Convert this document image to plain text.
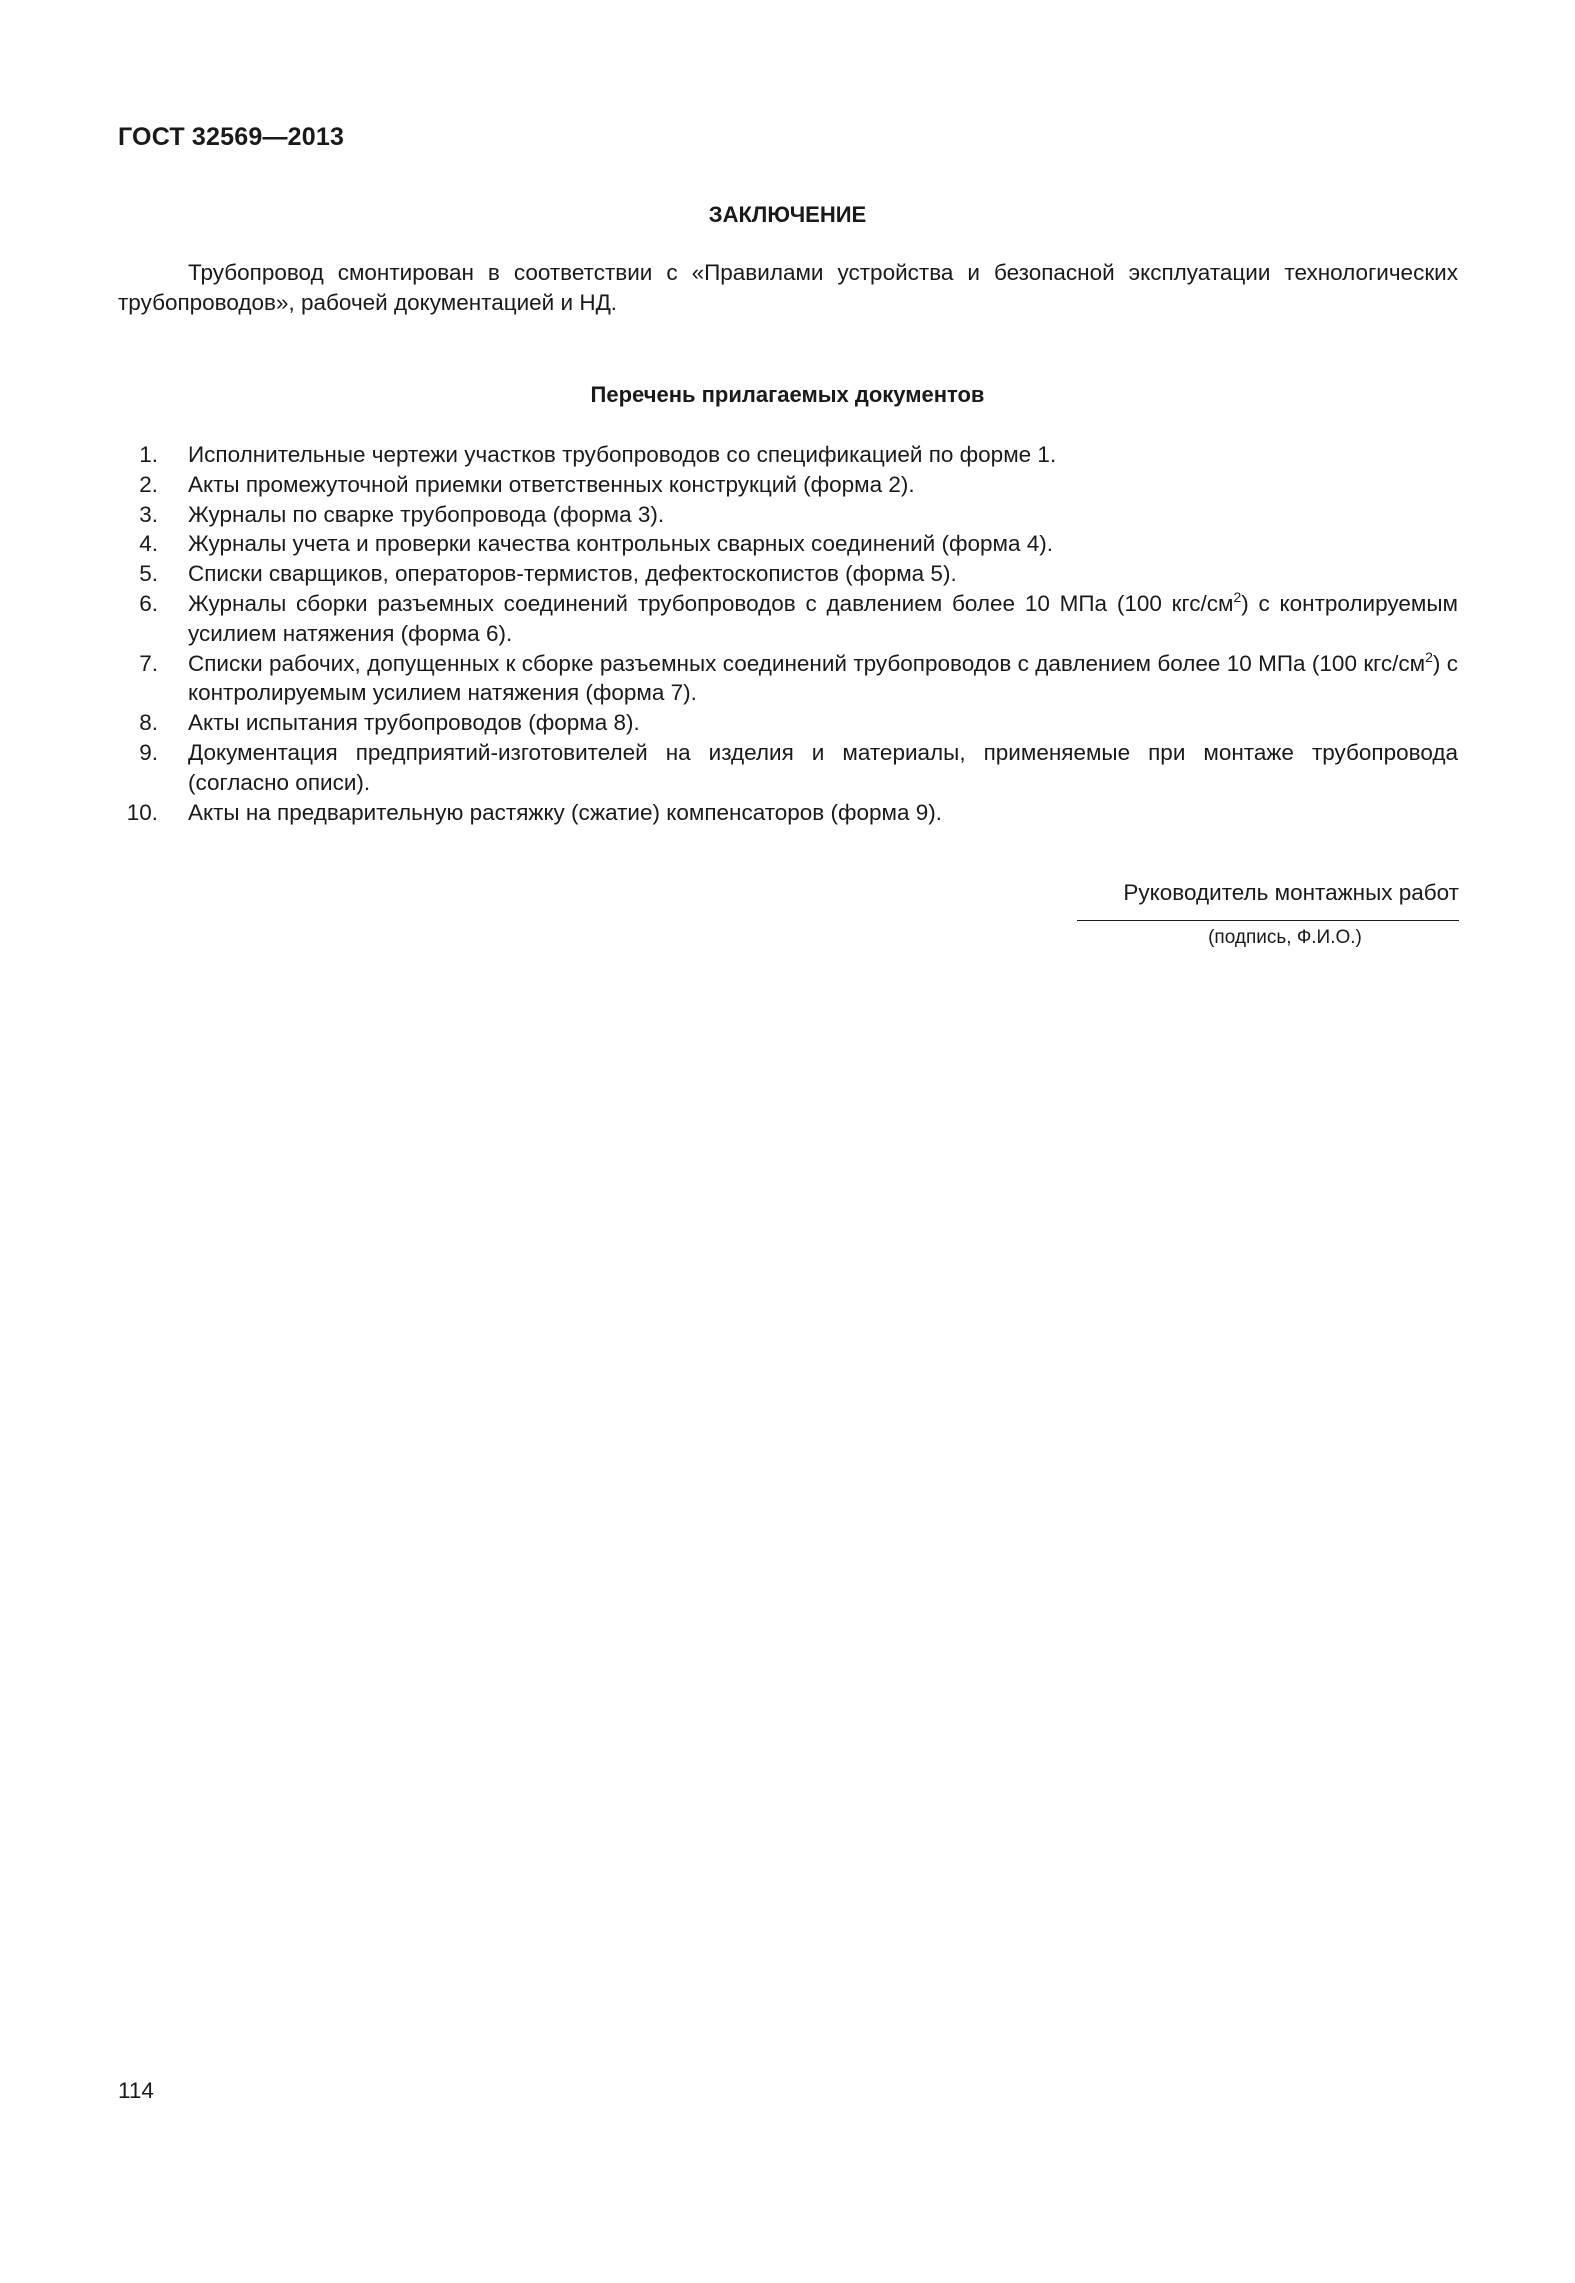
ГОСТ 32569—2013
ЗАКЛЮЧЕНИЕ
Трубопровод смонтирован в соответствии с «Правилами устройства и безопасной эксплуатации технологических трубопроводов», рабочей документацией и НД.
Перечень прилагаемых документов
1. Исполнительные чертежи участков трубопроводов со спецификацией по форме 1.
2. Акты промежуточной приемки ответственных конструкций (форма 2).
3. Журналы по сварке трубопровода (форма 3).
4. Журналы учета и проверки качества контрольных сварных соединений (форма 4).
5. Списки сварщиков, операторов-термистов, дефектоскопистов (форма 5).
6. Журналы сборки разъемных соединений трубопроводов с давлением более 10 МПа (100 кгс/$см^2$) с контролируемым усилием натяжения (форма 6).
7. Списки рабочих, допущенных к сборке разъемных соединений трубопроводов с давлением более 10 МПа (100 кгс/$см^2$) с контролируемым усилием натяжения (форма 7).
8. Акты испытания трубопроводов (форма 8).
9. Документация предприятий-изготовителей на изделия и материалы, применяемые при монтаже трубопровода (согласно описи).
10. Акты на предварительную растяжку (сжатие) компенсаторов (форма 9).
Руководитель монтажных работ
(подпись, Ф.И.О.)
114
